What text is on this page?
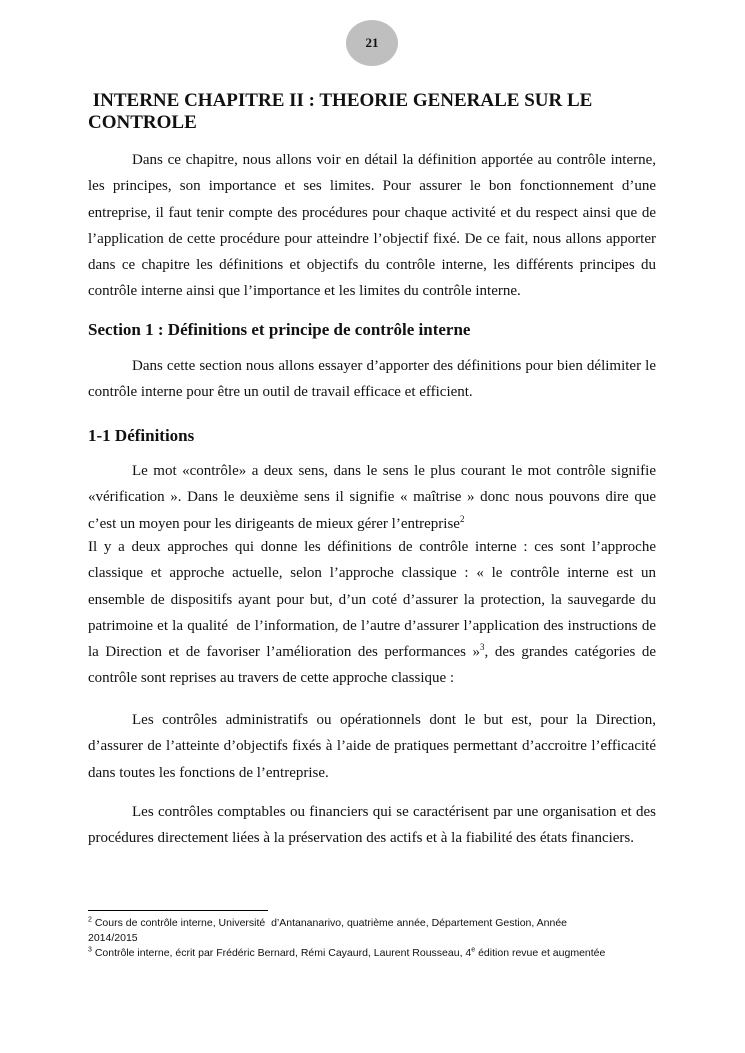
21
INTERNE CHAPITRE II : THEORIE GENERALE SUR LE
CONTROLE
Dans ce chapitre, nous allons voir en détail la définition apportée au contrôle interne,
les principes, son importance et ses limites. Pour assurer le bon fonctionnement d’une
entreprise, il faut tenir compte des procédures pour chaque activité et du respect ainsi que de
l’application de cette procédure pour atteindre l’objectif fixé. De ce fait, nous allons apporter
dans ce chapitre les définitions et objectifs du contrôle interne, les différents principes du
contrôle interne ainsi que l’importance et les limites du contrôle interne.
Section 1 : Définitions et principe de contrôle interne
Dans cette section nous allons essayer d’apporter des définitions pour bien délimiter le
contrôle interne pour être un outil de travail efficace et efficient.
1-1 Définitions
Le mot «contrôle» a deux sens, dans le sens le plus courant le mot contrôle signifie
«vérification ». Dans le deuxième sens il signifie « maîtrise » donc nous pouvons dire que
c’est un moyen pour les dirigeants de mieux gérer l’entreprise$^2$
Il y a deux approches qui donne les définitions de contrôle interne : ces sont l’approche
classique et approche actuelle, selon l’approche classique : « le contrôle interne est un
ensemble de dispositifs ayant pour but, d’un coté d’assurer la protection, la sauvegarde du
patrimoine et la qualité  de l’information, de l’autre d’assurer l’application des instructions de
la Direction et de favoriser l’amélioration des performances »$^3$, des grandes catégories de
contrôle sont reprises au travers de cette approche classique :
Les contrôles administratifs ou opérationnels dont le but est, pour la Direction,
d’assurer de l’atteinte d’objectifs fixés à l’aide de pratiques permettant d’accroitre l’efficacité
dans toutes les fonctions de l’entreprise.
Les contrôles comptables ou financiers qui se caractérisent par une organisation et des
procédures directement liées à la préservation des actifs et à la fiabilité des états financiers.
$^2$ Cours de contrôle interne, Université  d’Antananarivo, quatrième année, Département Gestion, Année
2014/2015
$^3$ Contrôle interne, écrit par Frédéric Bernard, Rémi Cayaurd, Laurent Rousseau, 4e édition revue et augmentée
